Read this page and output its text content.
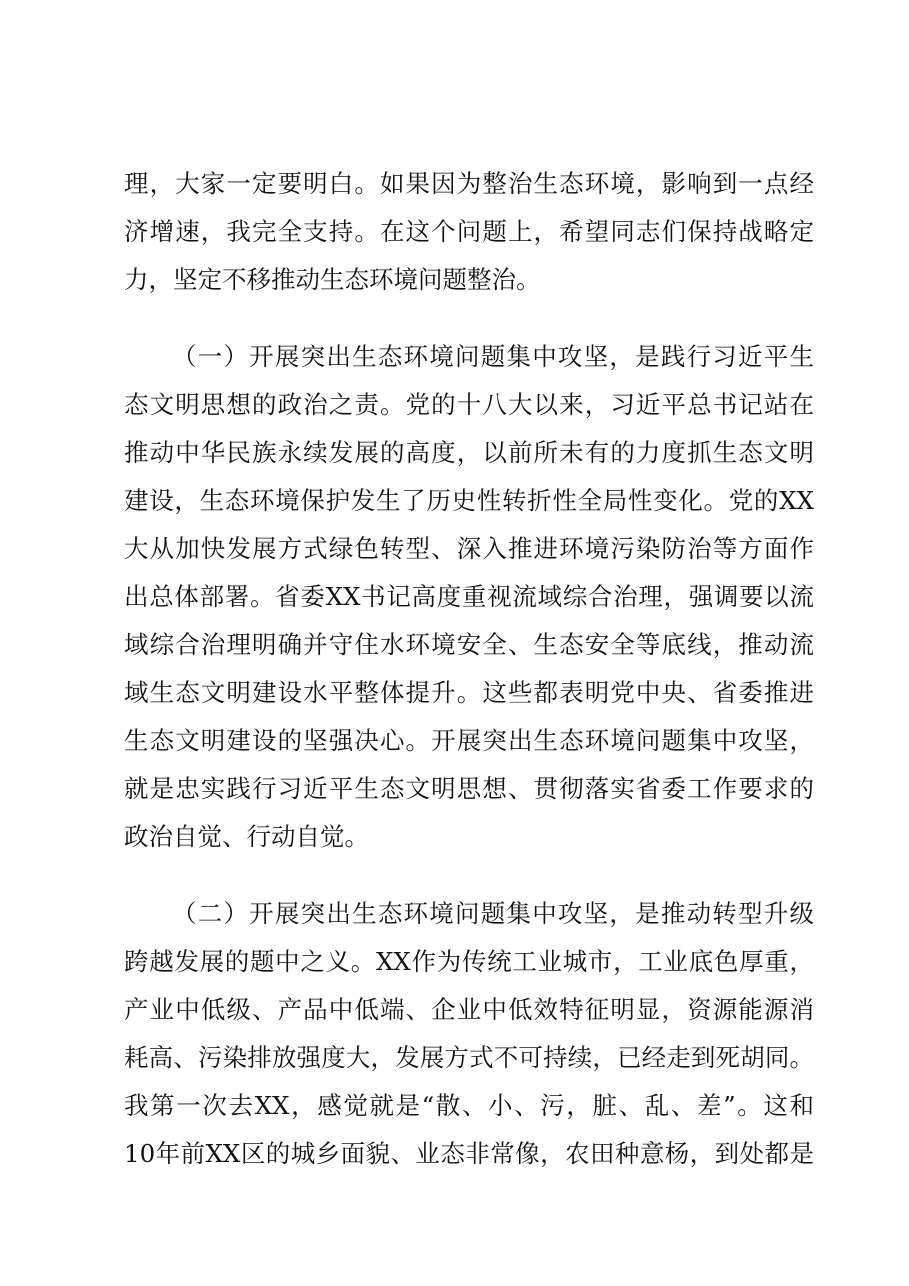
理，大家一定要明白。如果因为整治生态环境，影响到一点经
济增速，我完全支持。在这个问题上，希望同志们保持战略定
力，坚定不移推动生态环境问题整治。
（一）开展突出生态环境问题集中攻坚，是践行习近平生
态文明思想的政治之责。党的十八大以来，习近平总书记站在
推动中华民族永续发展的高度，以前所未有的力度抓生态文明
建设，生态环境保护发生了历史性转折性全局性变化。党的XX
大从加快发展方式绿色转型、深入推进环境污染防治等方面作
出总体部署。省委XX书记高度重视流域综合治理，强调要以流
域综合治理明确并守住水环境安全、生态安全等底线，推动流
域生态文明建设水平整体提升。这些都表明党中央、省委推进
生态文明建设的坚强决心。开展突出生态环境问题集中攻坚，
就是忠实践行习近平生态文明思想、贯彻落实省委工作要求的
政治自觉、行动自觉。
（二）开展突出生态环境问题集中攻坚，是推动转型升级
跨越发展的题中之义。XX作为传统工业城市，工业底色厚重，
产业中低级、产品中低端、企业中低效特征明显，资源能源消
耗高、污染排放强度大，发展方式不可持续，已经走到死胡同。
我第一次去XX，感觉就是“散、小、污，脏、乱、差”。这和
10年前XX区的城乡面貌、业态非常像，农田种意杨，到处都是
